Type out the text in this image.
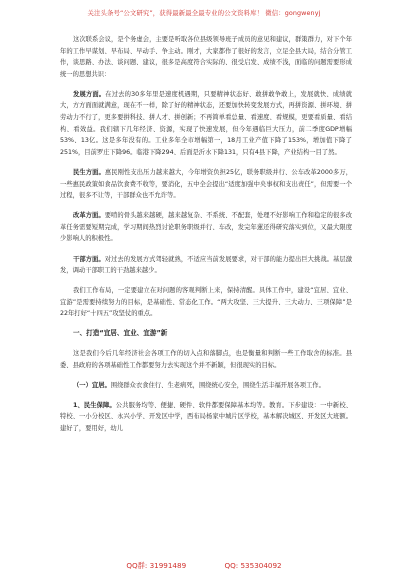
关注头条号“公文研究”，获得最新最全最专业的公文资料库！ 微信：gongwenyj
这次联系会议，是个务虚会，主要是听取各位县级领导班子成员的意见和建议，群策群力，对下个年年的工作早谋划、早布局、早动手、争主动。刚才，大家都作了很好的发言，立足全县大局，结合分管工作，谈思路、办法、谈问题、建议，很多是高度符合实际的、很受启发、成绩不浅，面临的问题需要形成统一的思想共识：
发展方面。在过去的30多年里是速度机遇期，只要精神状态好、敢拼敢争敢上，发展就快、成绩就大，方方面面就满意，现在不一样，除了好的精神状态，还要加快转变发展方式，再拼资源、拼环境、拼劳动力不行了，更多要拼科技、拼人才、拼创新；不再简单看总量、看速度、看规模，更要看质量、看结构、看效益。我们辖下几年经济、资源，实现了快速发展，但今年遇临巨大压力，前二季度GDP增幅53%、13亿。这是多年没有的。工业多年全市增幅第一，18月工业产值下降了153%，增加值下降了251%，目前罗庄下降96。临港下降294、后面是沂水下降131，只有4县下降，产业结构一目了然。
民生方面。惠民刚性支出压力越来越大，今年增资负担25亿，联务职级并行、公车改革2000多万，一些惠民政策如食品饮食费不收等，要消化，五中全会提出“适度加强中央事权和支出责任”，但需要一个过程，很多不让等，干部群众也不允许等。
改革方面。要啃的骨头越来越硬，越来越复杂、不系统、不配套，处理不好影响工作和稳定的很多改革任务需要短期完成，学习期间热烈讨论职务职级并行、车改，发完年蓮还得研究落实到位，又最大限度少影响人的积极性。
干部方面。对过去的发展方式驾轻就熟，不适应当前发展要求，对干部的能力提出巨大挑战。基层激发，调动干部职工的干劲越来越少。
我们工作布局，一定要建立在对问题的客观判断上来，保持清醒。具体工作中，建设“宜居、宜业、宜游”是需要持续努力的目标，是基础性、常态化工作。“两大攻坚、三大提升、三大动力、三项保障”是22年打好“十四五”攻坚仗的重点。
一、打造“宜居、宜业、宜游”新
这是我们今后几年经济社会各项工作的切入点和落脚点，也是衡量和判断一些工作取舍的标准。县委、县政府的各项基础性工作都要努力去实现这个并不新颖，但很现实的目标。
（一）宜居。围绕群众衣食住行、生老病死，围绕统心安全，围绕生活丰福开展各项工作。
1、民生保障。公共服务均等、便捷、硬件、软件都要保障基本均等。教育。下步建设：一中新校、特校、一小分校区、永兴小学、开发区中学，西布局杨家中城片区学校，基本解决城区、开发区大班额。建好了，要用好，幼儿
QQ群: 31991489	QQ: 535304092
